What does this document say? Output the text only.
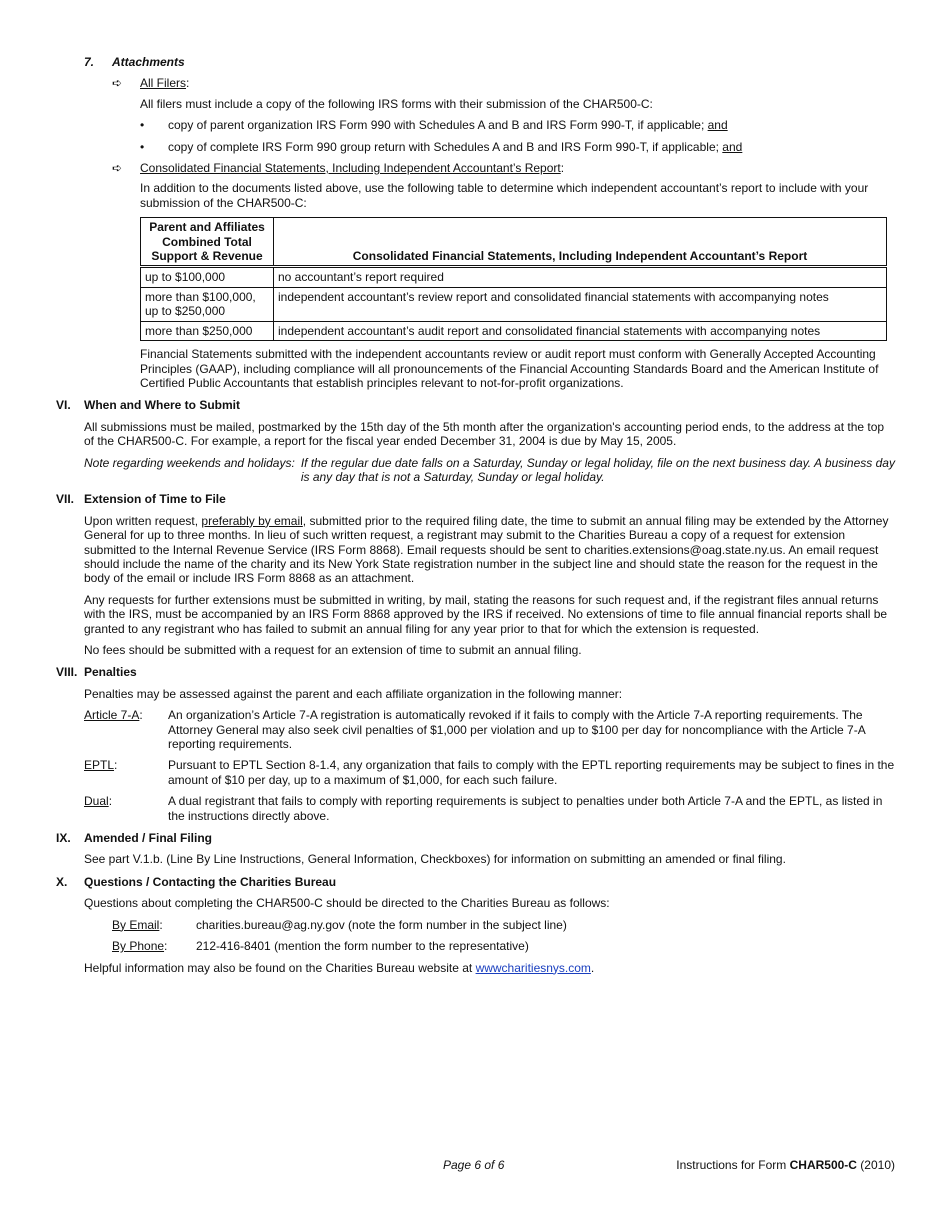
7.	Attachments
➪	All Filers:

All filers must include a copy of the following IRS forms with their submission of the CHAR500-C:

•	copy of parent organization IRS Form 990 with Schedules A and B and IRS Form 990-T, if applicable; and
•	copy of complete IRS Form 990 group return with Schedules A and B and IRS Form 990-T, if applicable; and
➪	Consolidated Financial Statements, Including Independent Accountant’s Report:

In addition to the documents listed above, use the following table to determine which independent accountant’s report to include with your submission of the CHAR500-C:

Parent and Affiliates Combined Total Support & Revenue	Consolidated Financial Statements, Including Independent Accountant’s Report
up to $100,000	no accountant’s report required
more than $100,000, up to $250,000	independent accountant’s review report and consolidated financial statements with accompanying notes
more than $250,000	independent accountant’s audit report and consolidated financial statements with accompanying notes

Financial Statements submitted with the independent accountants review or audit report must conform with Generally Accepted Accounting Principles (GAAP), including compliance will all pronouncements of the Financial Accounting Standards Board and the American Institute of Certified Public Accountants that establish principles relevant to not-for-profit organizations.

VI.	When and Where to Submit

All submissions must be mailed, postmarked by the 15th day of the 5th month after the organization's accounting period ends, to the address at the top of the CHAR500-C. For example, a report for the fiscal year ended December 31, 2004 is due by May 15, 2005.

Note regarding weekends and holidays: If the regular due date falls on a Saturday, Sunday or legal holiday, file on the next business day. A business day is any day that is not a Saturday, Sunday or legal holiday.
VII. Extension of Time to File

Upon written request, preferably by email, submitted prior to the required filing date, the time to submit an annual filing may be extended by the Attorney General for up to three months. In lieu of such written request, a registrant may submit to the Charities Bureau a copy of a request for extension submitted to the Internal Revenue Service (IRS Form 8868). Email requests should be sent to charities.extensions@oag.state.ny.us. An email request should include the name of the charity and its New York State registration number in the subject line and should state the reason for the request in the body of the email or include IRS Form 8868 as an attachment.

Any requests for further extensions must be submitted in writing, by mail, stating the reasons for such request and, if the registrant files annual returns with the IRS, must be accompanied by an IRS Form 8868 approved by the IRS if received. No extensions of time to file annual financial reports shall be granted to any registrant who has failed to submit an annual filing for any year prior to that for which the extension is requested.

No fees should be submitted with a request for an extension of time to submit an annual filing.

VIII. Penalties

Penalties may be assessed against the parent and each affiliate organization in the following manner:

Article 7-A:	An organization’s Article 7-A registration is automatically revoked if it fails to comply with the Article 7-A reporting requirements. The Attorney General may also seek civil penalties of $1,000 per violation and up to $100 per day for noncompliance with the Article 7-A reporting requirements.
EPTL:	Pursuant to EPTL Section 8-1.4, any organization that fails to comply with the EPTL reporting requirements may be subject to fines in the amount of $10 per day, up to a maximum of $1,000, for each such failure.
Dual:	A dual registrant that fails to comply with reporting requirements is subject to penalties under both Article 7-A and the EPTL, as listed in the instructions directly above.
IX.	Amended / Final Filing

See part V.1.b. (Line By Line Instructions, General Information, Checkboxes) for information on submitting an amended or final filing.

X.	Questions / Contacting the Charities Bureau

Questions about completing the CHAR500-C should be directed to the Charities Bureau as follows:

By Email:	charities.bureau@ag.ny.gov (note the form number in the subject line)
By Phone:	212-416-8401 (mention the form number to the representative)

Helpful information may also be found on the Charities Bureau website at wwwcharitiesnys.com.

Page 6 of 6	Instructions for Form CHAR500-C (2010)
